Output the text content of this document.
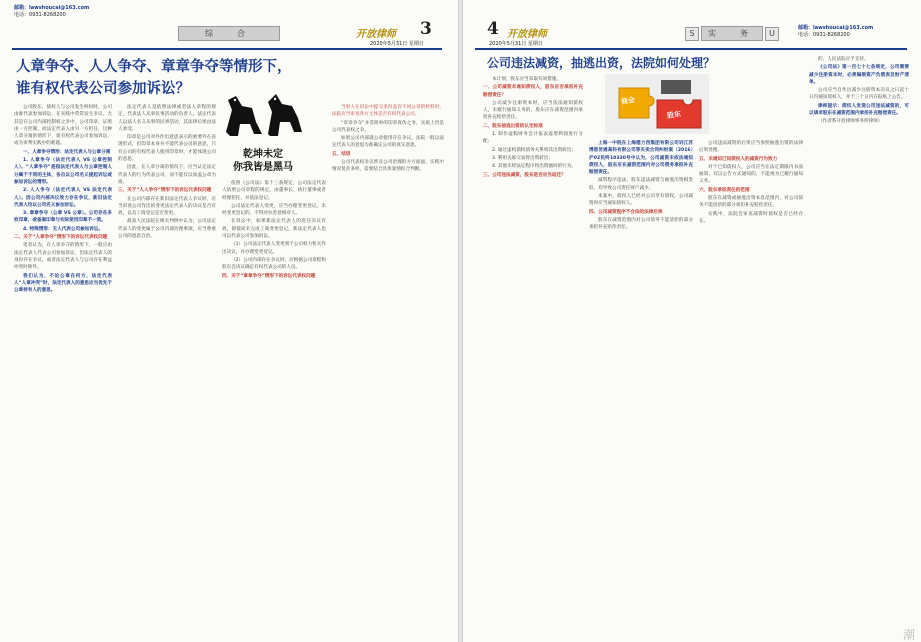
邮箱：lawshoucai@163.com
电话：0931-8268200
综　合	开放律师 3
2020年5月31日 星期日
人章争夺、人人争夺、章章争夺等情形下，
谁有权代表公司参加诉讼？
乾坤未定
你我皆是黑马

公司股东、债权人与公司发生纠纷时，公司由谁代表参加诉讼，在实践中常常发生争议。尤其是在公司内部控制权之争中，公司印章、证照由一方控制，而法定代表人由另一方担任，这种人章分离的情形下，谁有权代表公司参加诉讼，成为审判实践中的难题。

一、人章争夺情形：法定代表人与公章分离

1. 人章争夺（法定代表人 VS 公章控制人）。“人章争夺”是指法定代表人与公章控制人分属于不同的主体，各自以公司名义提起诉讼或参加诉讼的情形。

2. 人人争夺（法定代表人 VS 法定代表人）。因公司内部决议效力存在争议，新旧法定代表人均以公司名义参加诉讼。

3. 章章争夺（公章 VS 公章）。公司存在多枚印章，或备案印章与实际使用印章不一致。

4. 特殊情形：无人代表公司参加诉讼。

二、关于“人章争夺”情形下的诉讼代表权问题

笔者认为，在人章争夺的情形下，一般应由法定代表人代表公司参加诉讼，但法定代表人的身份存在争议，或者法定代表人与公司存在利益冲突时除外。

我们认为，不论公章在何方，法定代表人“人章冲突”时，法定代表人的意思应当优先于公章持有人的意思。

法定代表人是依照法律或者法人章程的规定，代表法人从事民事活动的负责人。法定代表人以法人名义从事的民事活动，其法律后果由法人承受。

印章是公司对外作出意思表示的重要外在表现形式，但印章本身并不能代表公司的意思，只有公司的有权代表人使用印章时，才能体现公司的意思。

因此，在人章分离的情况下，应当认定法定代表人的行为代表公司，而不能仅以加盖公章为准。

三、关于“人人争夺”情形下的诉讼代表权问题

在公司内部存在新旧法定代表人争议时，应当审查公司作出的变更法定代表人的决议是否有效，以及工商登记是否变更。

最高人民法院在相关判例中认为，公司法定代表人的变更属于公司内部治理事项，应当尊重公司的意思自治。

依照《公司法》第十三条规定，公司法定代表人依照公司章程的规定，由董事长、执行董事或者经理担任，并依法登记。

公司法定代表人变更，应当办理变更登记。未经变更登记的，不得对抗善意相对人。

在诉讼中，如果新法定代表人的选任决议有效，即使尚未完成工商变更登记，新法定代表人也可以代表公司参加诉讼。

（1）公司法定代表人变更须于公司权力机关作出决议，并办理变更登记。

（2）公司内部存在争议时，应根据公司章程和股东会决议确定有权代表公司的人员。

四、关于“章章争夺”情形下的诉讼代表权问题

当事人在诉讼中提交多份盖有不同公章的材料时，法院应当审查各方主体是否有权代表公司。

“章章争夺”并非简单的印章真伪之争，实质上仍是公司代表权之争。

如果公司内部就公章使用存在争议，法院一般以法定代表人的意思为准确定公司的真实意思。

五、结语

公司代表权争议涉及公司治理的方方面面，实践中情况复杂多样，需要结合具体案情综合判断。

4 开放律师
2020年5月31日 星期日
S	实　务	U
邮箱：lawshoucai@163.com
电话：0931-8268200
公司违法减资，抽逃出资，法院如何处理？
商会
股东

本计划，股东应当采取有效措施。

一、公司减资未通知债权人，股东应否承担补充赔偿责任？

公司减少注册资本时，应当依法通知债权人，未履行通知义务的，股东应在减资范围内承担补充赔偿责任。

二、股东抽逃出资的认定标准

1. 制作虚假财务会计报表虚增利润进行分配；

2. 通过虚构债权债务关系将其出资转出；

3. 利用关联交易将出资转出；

4. 其他未经法定程序将出资抽回的行为。

三、公司违法减资，股东是否应当返还？

上海一中院在上海德力西集团有限公司诉江苏博恩世通高科有限公司等买卖合同纠纷案（2016）沪02民终10330号中认为，公司减资未依法通知债权人，股东应在减资范围内对公司债务承担补充赔偿责任。

减资程序违法，股东违法减资与抽逃出资相类似，均导致公司责任财产减少。

本案中，债权人已经对公司享有债权，公司减资时应当通知债权人。

四、公司减资程序不合法的法律后果

股东在减资范围内对公司债务不能清偿的部分承担补充赔偿责任。

公司违法减资的后果应当参照抽逃出资的法律后果处理。

五、未通知已知债权人的减资行为效力

对于已知债权人，公司应当在法定期限内书面通知，仅以公告方式通知的，不能视为已履行通知义务。

六、股东承担责任的范围

股东在减资或抽逃出资本息范围内，对公司债务不能清偿的部分承担补充赔偿责任。

实践中，法院会审查减资时债权是否已经存在。

的，人民法院应予支持。

《公司法》第一百七十七条规定，公司需要减少注册资本时，必须编制资产负债表及财产清单。

公司应当自作出减少注册资本决议之日起十日内通知债权人，并于三十日内在报纸上公告。

律师提示：债权人发现公司违法减资的，可以请求股东在减资范围内承担补充赔偿责任。

（作者系开放律师事务所律师）

潮
